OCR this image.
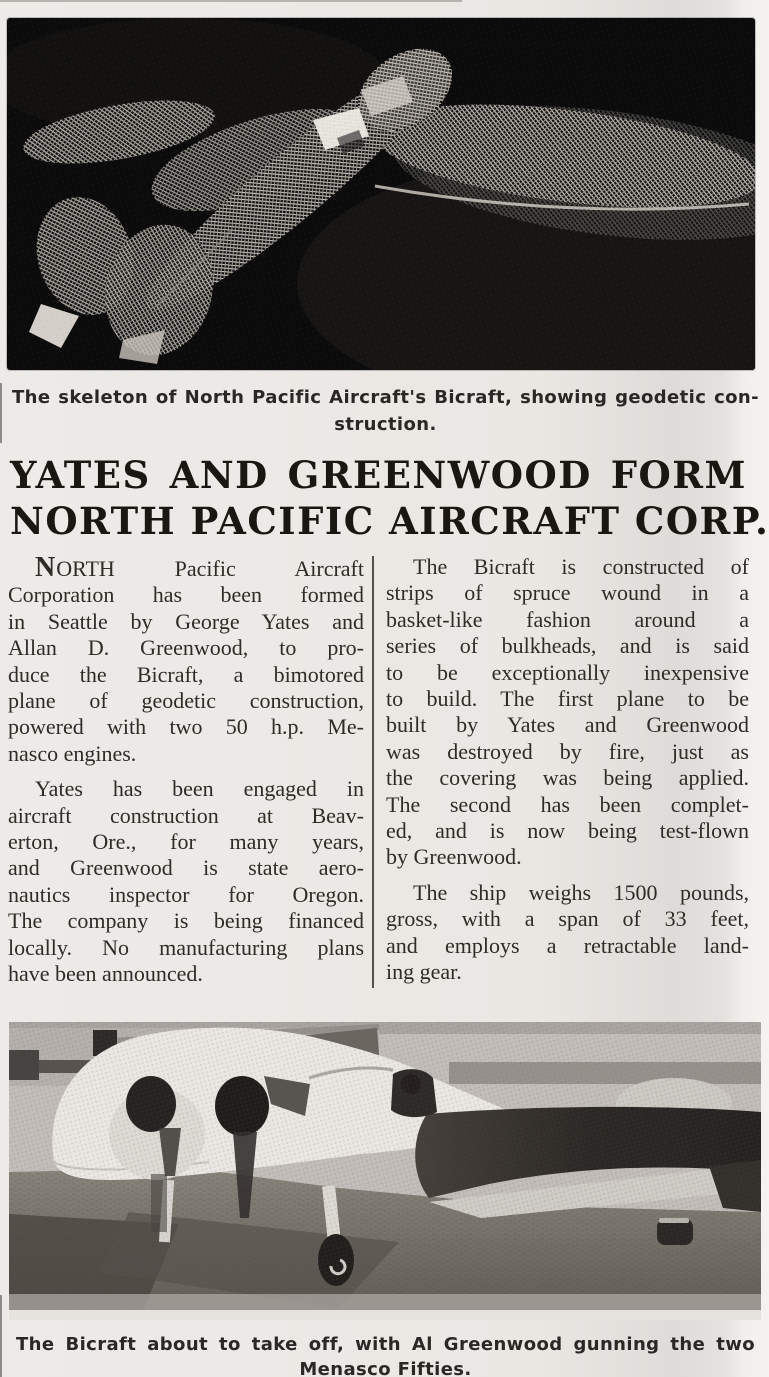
The skeleton of North Pacific Aircraft's Bicraft, showing geodetic con-
struction.
YATES AND GREENWOOD FORM
NORTH PACIFIC AIRCRAFT CORP.
NORTH Pacific Aircraft
Corporation has been formed
in Seattle by George Yates and
Allan D. Greenwood, to pro-
duce the Bicraft, a bimotored
plane of geodetic construction,
powered with two 50 h.p. Me-
nasco engines.
Yates has been engaged in
aircraft construction at Beav-
erton, Ore., for many years,
and Greenwood is state aero-
nautics inspector for Oregon.
The company is being financed
locally. No manufacturing plans
have been announced.
The Bicraft is constructed of
strips of spruce wound in a
basket-like fashion around a
series of bulkheads, and is said
to be exceptionally inexpensive
to build. The first plane to be
built by Yates and Greenwood
was destroyed by fire, just as
the covering was being applied.
The second has been complet-
ed, and is now being test-flown
by Greenwood.
The ship weighs 1500 pounds,
gross, with a span of 33 feet,
and employs a retractable land-
ing gear.
The Bicraft about to take off, with Al Greenwood gunning the two
Menasco Fifties.
